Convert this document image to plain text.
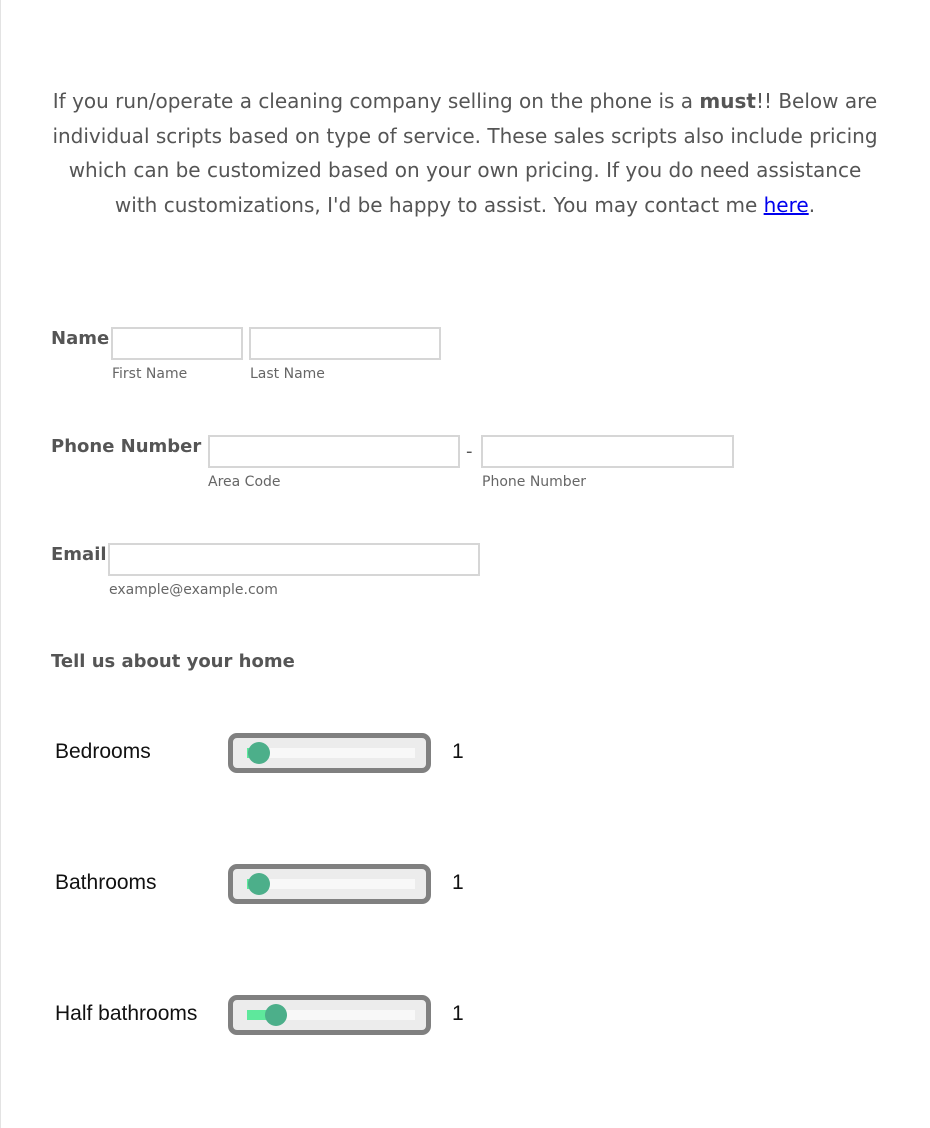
If you run/operate a cleaning company selling on the phone is a must!! Below are individual scripts based on type of service. These sales scripts also include pricing which can be customized based on your own pricing. If you do need assistance with customizations, I'd be happy to assist. You may contact me here.
Name
First Name	Last Name
Phone Number	-
Area Code	Phone Number
Email
example@example.com
Tell us about your home
Bedrooms	1
Bathrooms	1
Half bathrooms	1
